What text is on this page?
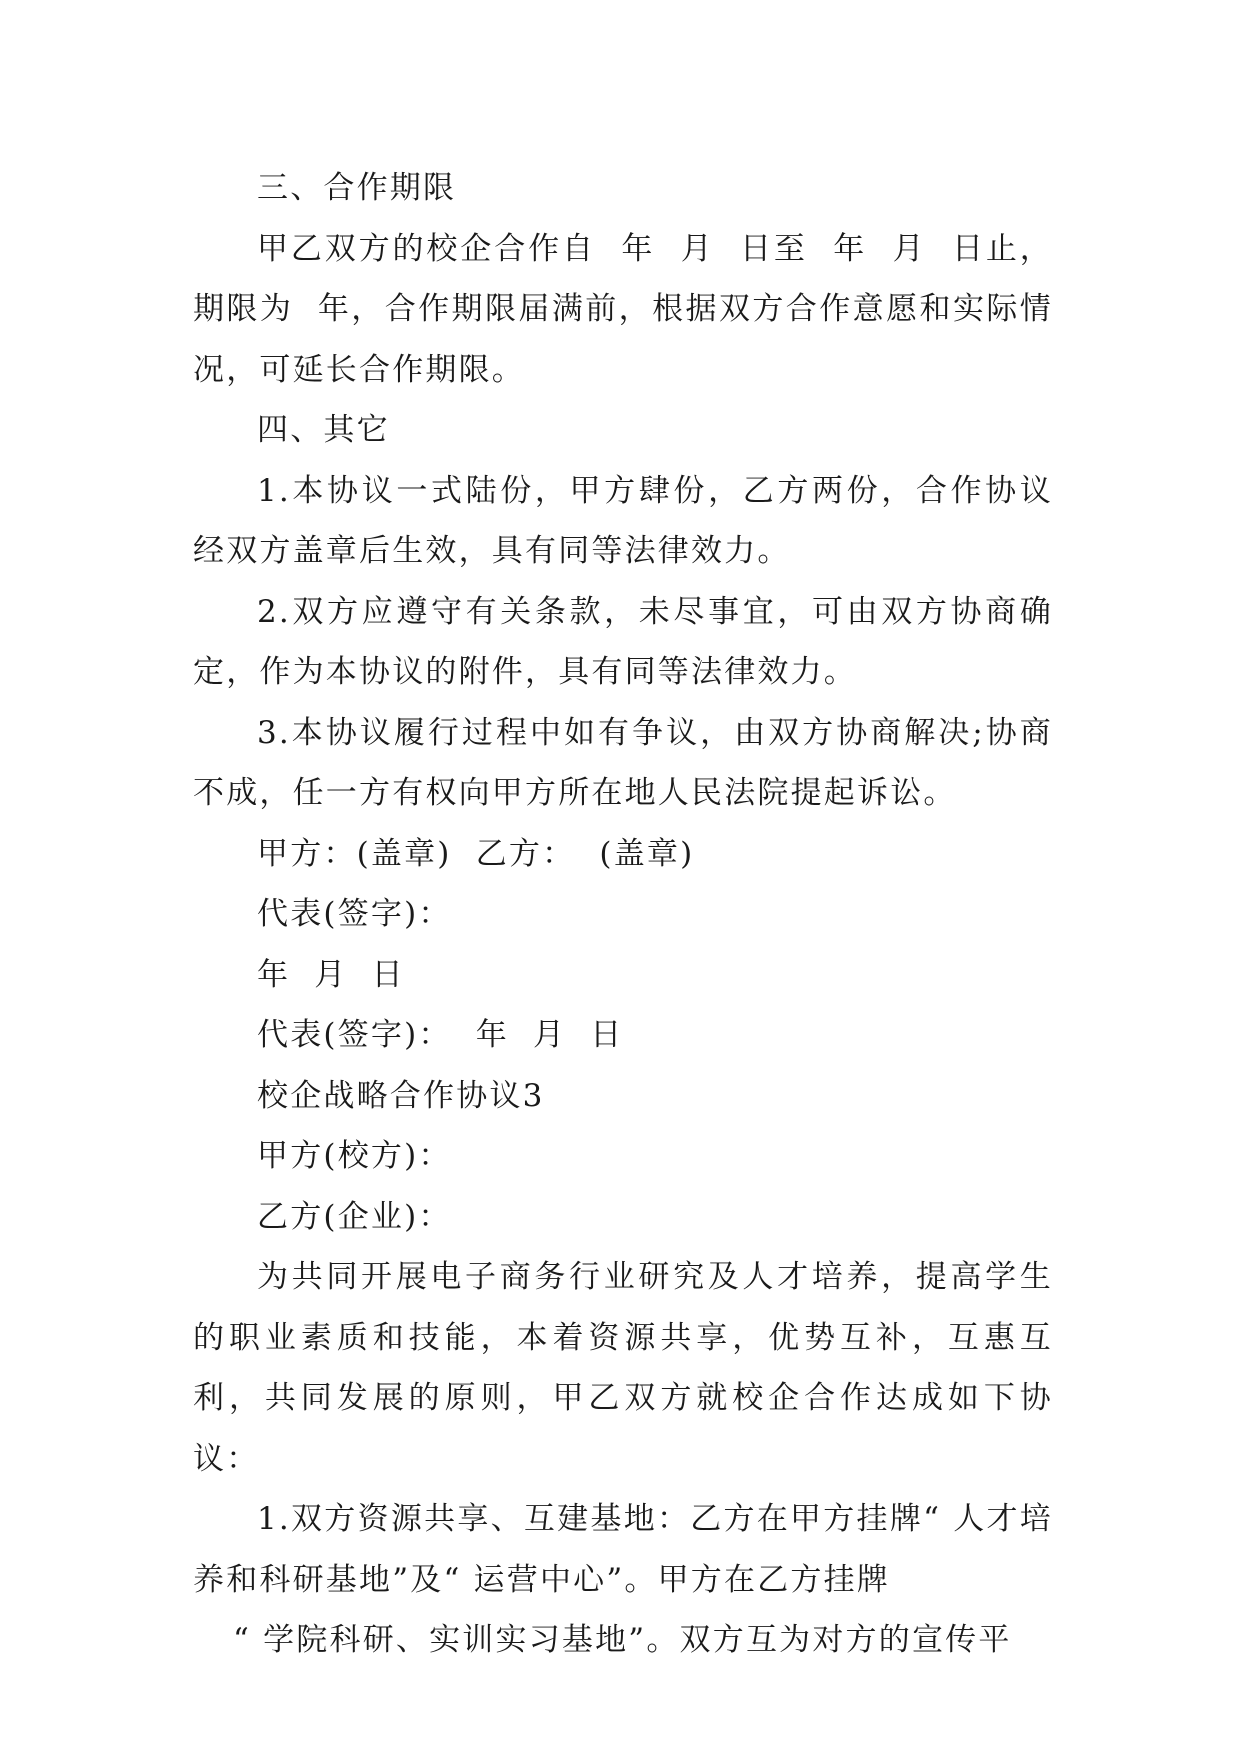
三、合作期限

甲乙双方的校企合作自  年  月  日至  年  月  日止，期限为  年，合作期限届满前，根据双方合作意愿和实际情况，可延长合作期限。

四、其它

1.本协议一式陆份，甲方肆份，乙方两份，合作协议经双方盖章后生效，具有同等法律效力。

2.双方应遵守有关条款，未尽事宜，可由双方协商确定，作为本协议的附件，具有同等法律效力。

3.本协议履行过程中如有争议，由双方协商解决;协商不成，任一方有权向甲方所在地人民法院提起诉讼。

甲方：(盖章)  乙方：  (盖章)

代表(签字)：

年  月  日

代表(签字)：  年  月  日

校企战略合作协议3

甲方(校方)：

乙方(企业)：

为共同开展电子商务行业研究及人才培养，提高学生的职业素质和技能，本着资源共享，优势互补，互惠互利，共同发展的原则，甲乙双方就校企合作达成如下协议：

1.双方资源共享、互建基地：乙方在甲方挂牌“ 人才培养和科研基地”及“ 运营中心”。甲方在乙方挂牌

“ 学院科研、实训实习基地”。双方互为对方的宣传平
